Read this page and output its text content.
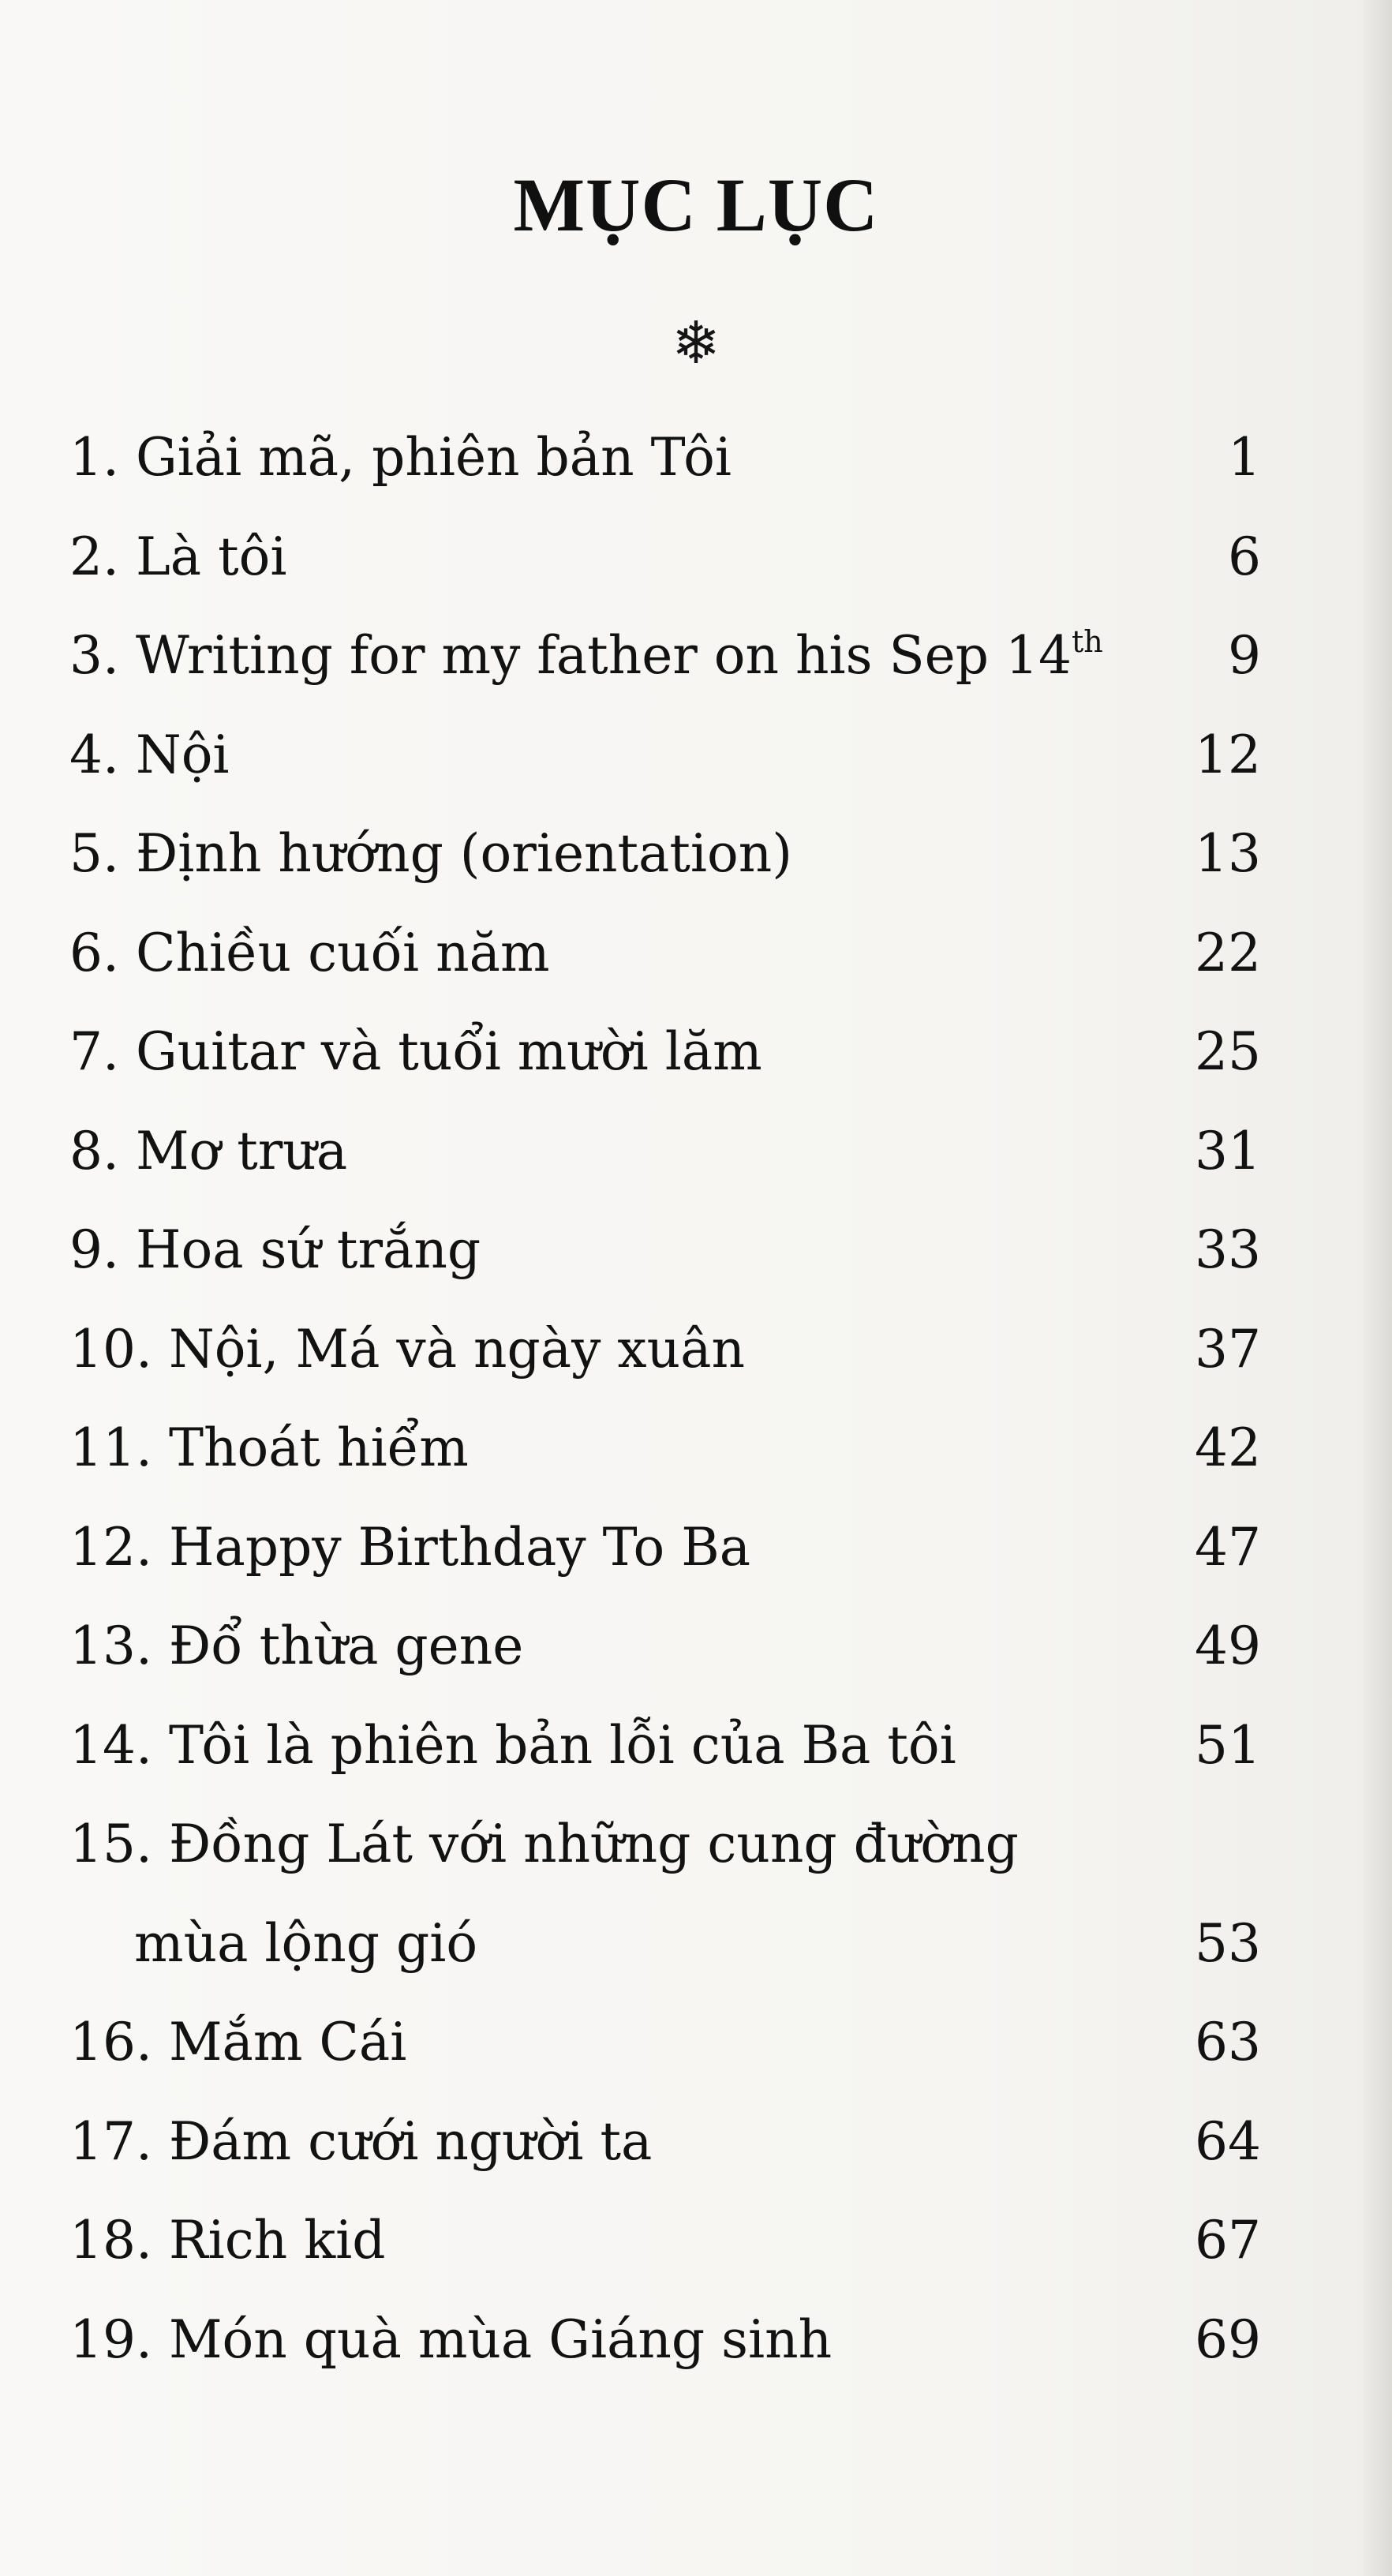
MỤC LỤC
❄
1. Giải mã, phiên bản Tôi	1
2. Là tôi	6
3. Writing for my father on his Sep 14th 9
4. Nội	12
5. Định hướng (orientation)	13
6. Chiều cuối năm	22
7. Guitar và tuổi mười lăm	25
8. Mơ trưa	31
9. Hoa sứ trắng	33
10. Nội, Má và ngày xuân	37
11. Thoát hiểm	42
12. Happy Birthday To Ba	47
13. Đổ thừa gene	49
14. Tôi là phiên bản lỗi của Ba tôi	51
15. Đồng Lát với những cung đường
mùa lộng gió	53
16. Mắm Cái	63
17. Đám cưới người ta	64
18. Rich kid	67
19. Món quà mùa Giáng sinh	69
